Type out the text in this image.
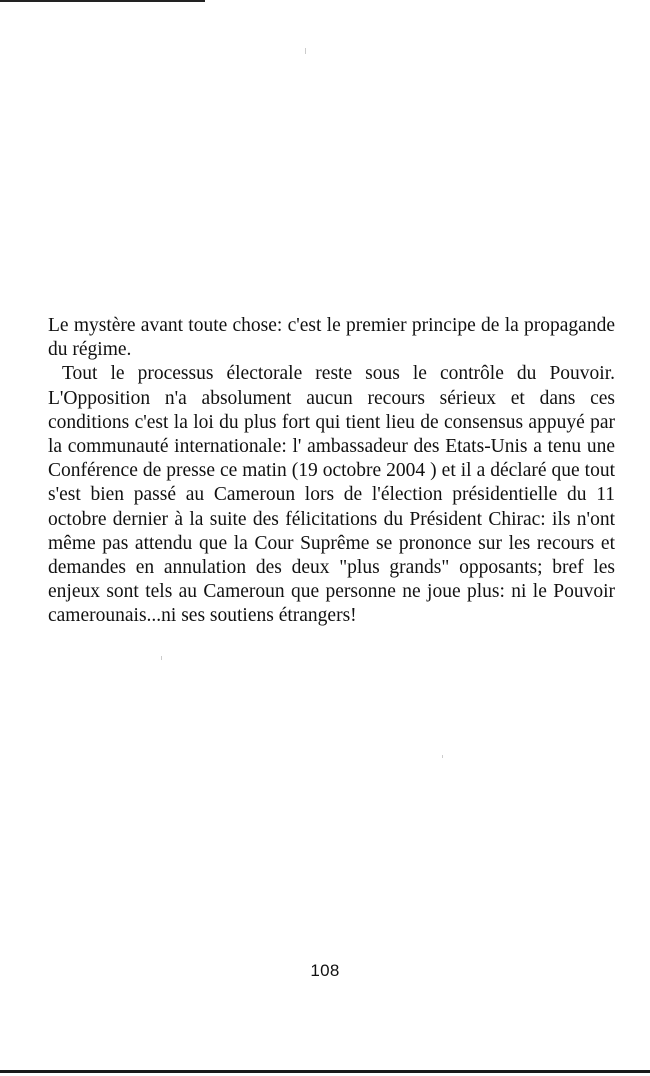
Le mystère avant toute chose: c'est le premier principe de la propagande du régime.

Tout le processus électorale reste sous le contrôle du Pouvoir. L'Opposition n'a absolument aucun recours sérieux et dans ces conditions c'est la loi du plus fort qui tient lieu de consensus appuyé par la communauté internationale: l' ambassadeur des Etats-Unis a tenu une Conférence de presse ce matin (19 octobre 2004 ) et il a déclaré que tout s'est bien passé au Cameroun lors de l'élection présidentielle du 11 octobre dernier à la suite des félicitations du Président Chirac: ils n'ont même pas attendu que la Cour Suprême se prononce sur les recours et demandes en annulation des deux "plus grands" opposants; bref les enjeux sont tels au Cameroun que personne ne joue plus: ni le Pouvoir camerounais...ni ses soutiens étrangers!

108
